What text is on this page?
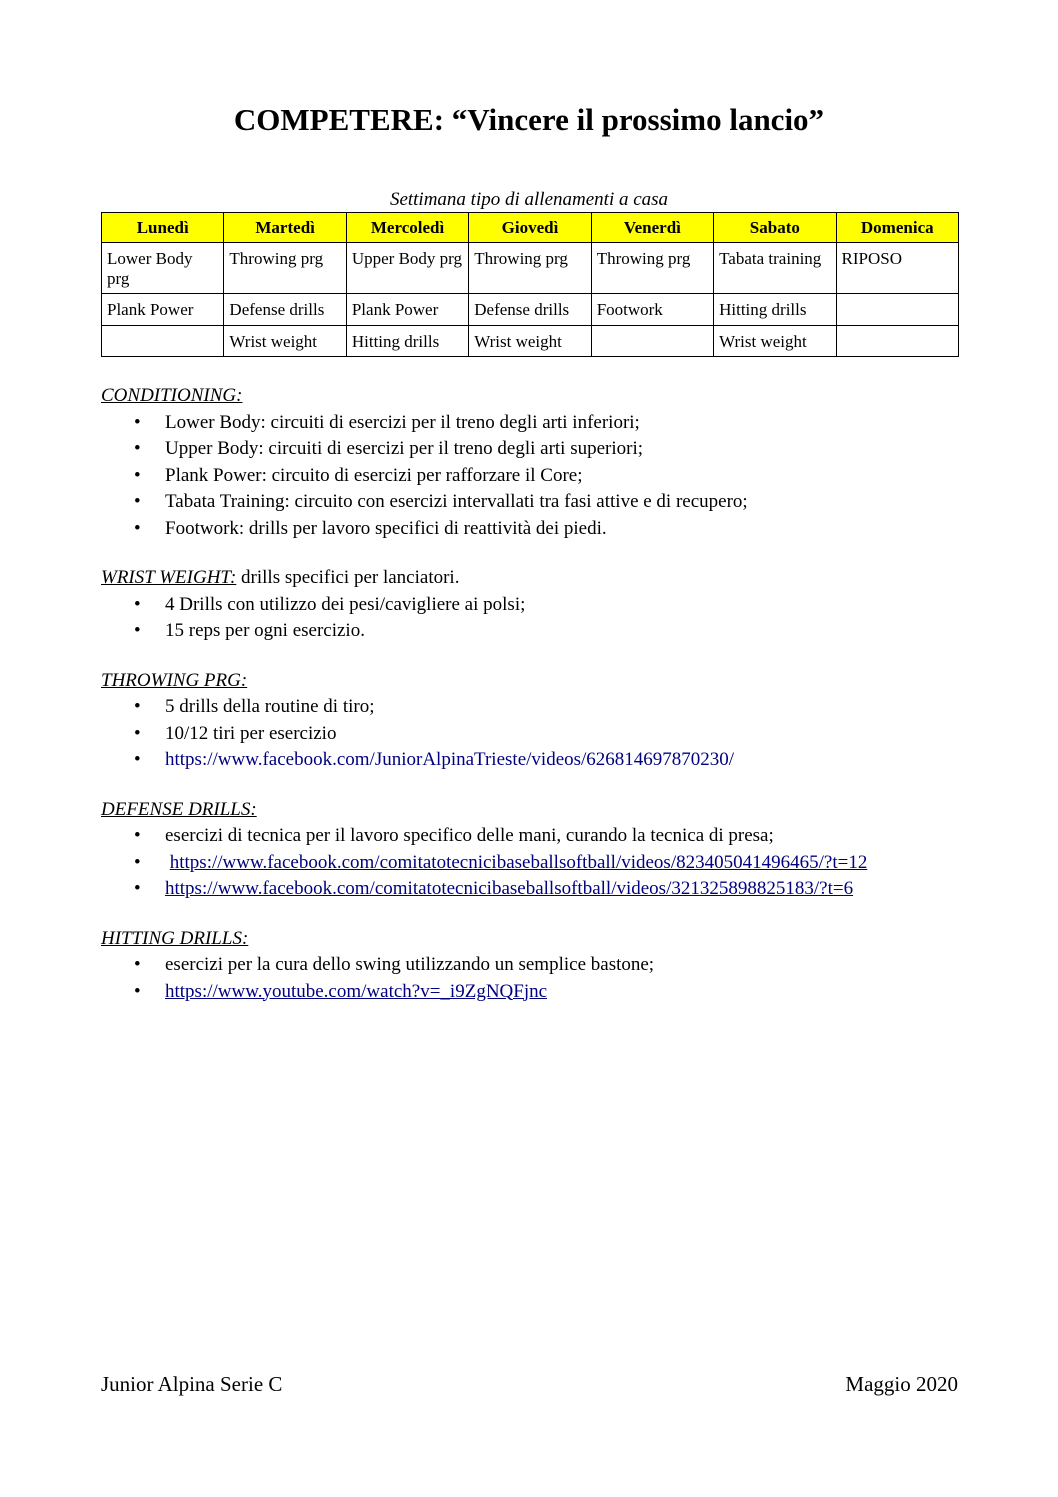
COMPETERE: “Vincere il prossimo lancio”
Settimana tipo di allenamenti a casa
Lunedì	Martedì	Mercoledì	Giovedì	Venerdì	Sabato	Domenica
Lower Body prg	Throwing prg	Upper Body prg	Throwing prg	Throwing prg	Tabata training	RIPOSO
Plank Power	Defense drills	Plank Power	Defense drills	Footwork	Hitting drills	
	Wrist weight	Hitting drills	Wrist weight		Wrist weight	

CONDITIONING:

• Lower Body: circuiti di esercizi per il treno degli arti inferiori;
• Upper Body: circuiti di esercizi per il treno degli arti superiori;
• Plank Power: circuito di esercizi per rafforzare il Core;
• Tabata Training: circuito con esercizi intervallati tra fasi attive e di recupero;
• Footwork: drills per lavoro specifici di reattività dei piedi.

WRIST WEIGHT: drills specifici per lanciatori.

• 4 Drills con utilizzo dei pesi/cavigliere ai polsi;
• 15 reps per ogni esercizio.

THROWING PRG:

• 5 drills della routine di tiro;
• 10/12 tiri per esercizio
• https://www.facebook.com/JuniorAlpinaTrieste/videos/626814697870230/

DEFENSE DRILLS:

• esercizi di tecnica per il lavoro specifico delle mani, curando la tecnica di presa;
• https://www.facebook.com/comitatotecnicibaseballsoftball/videos/823405041496465/?t=12
• https://www.facebook.com/comitatotecnicibaseballsoftball/videos/321325898825183/?t=6

HITTING DRILLS:

• esercizi per la cura dello swing utilizzando un semplice bastone;
• https://www.youtube.com/watch?v=_i9ZgNQFjnc
Junior Alpina Serie C	Maggio 2020
